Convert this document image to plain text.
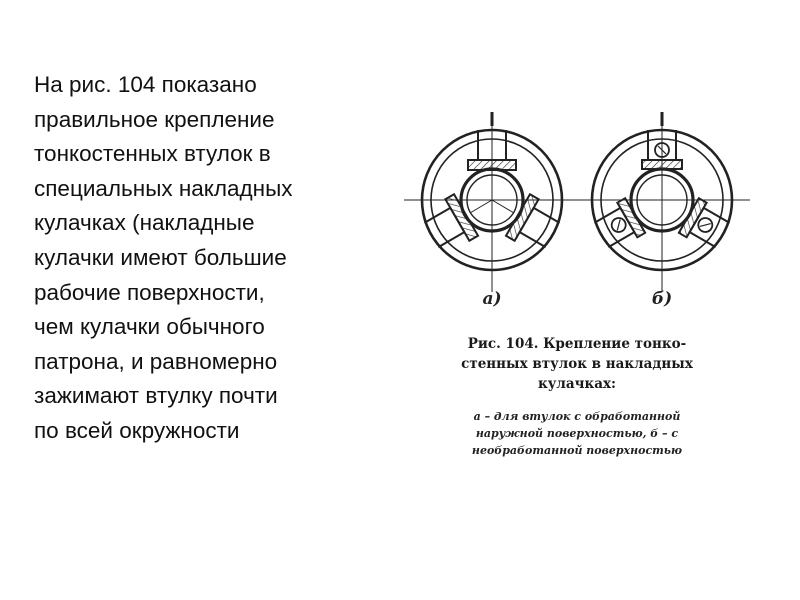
На рис. 104 показано
правильное крепление
тонкостенных втулок в
специальных накладных
кулачках (накладные
кулачки имеют большие
рабочие поверхности,
чем кулачки обычного
патрона, и равномерно
зажимают втулку почти
по всей окружности
а)	б)
Рис. 104. Крепление тонко-
стенных втулок в накладных
кулачках:
а – для втулок с обработанной
наружной поверхностью, б – с
необработанной поверхностью
